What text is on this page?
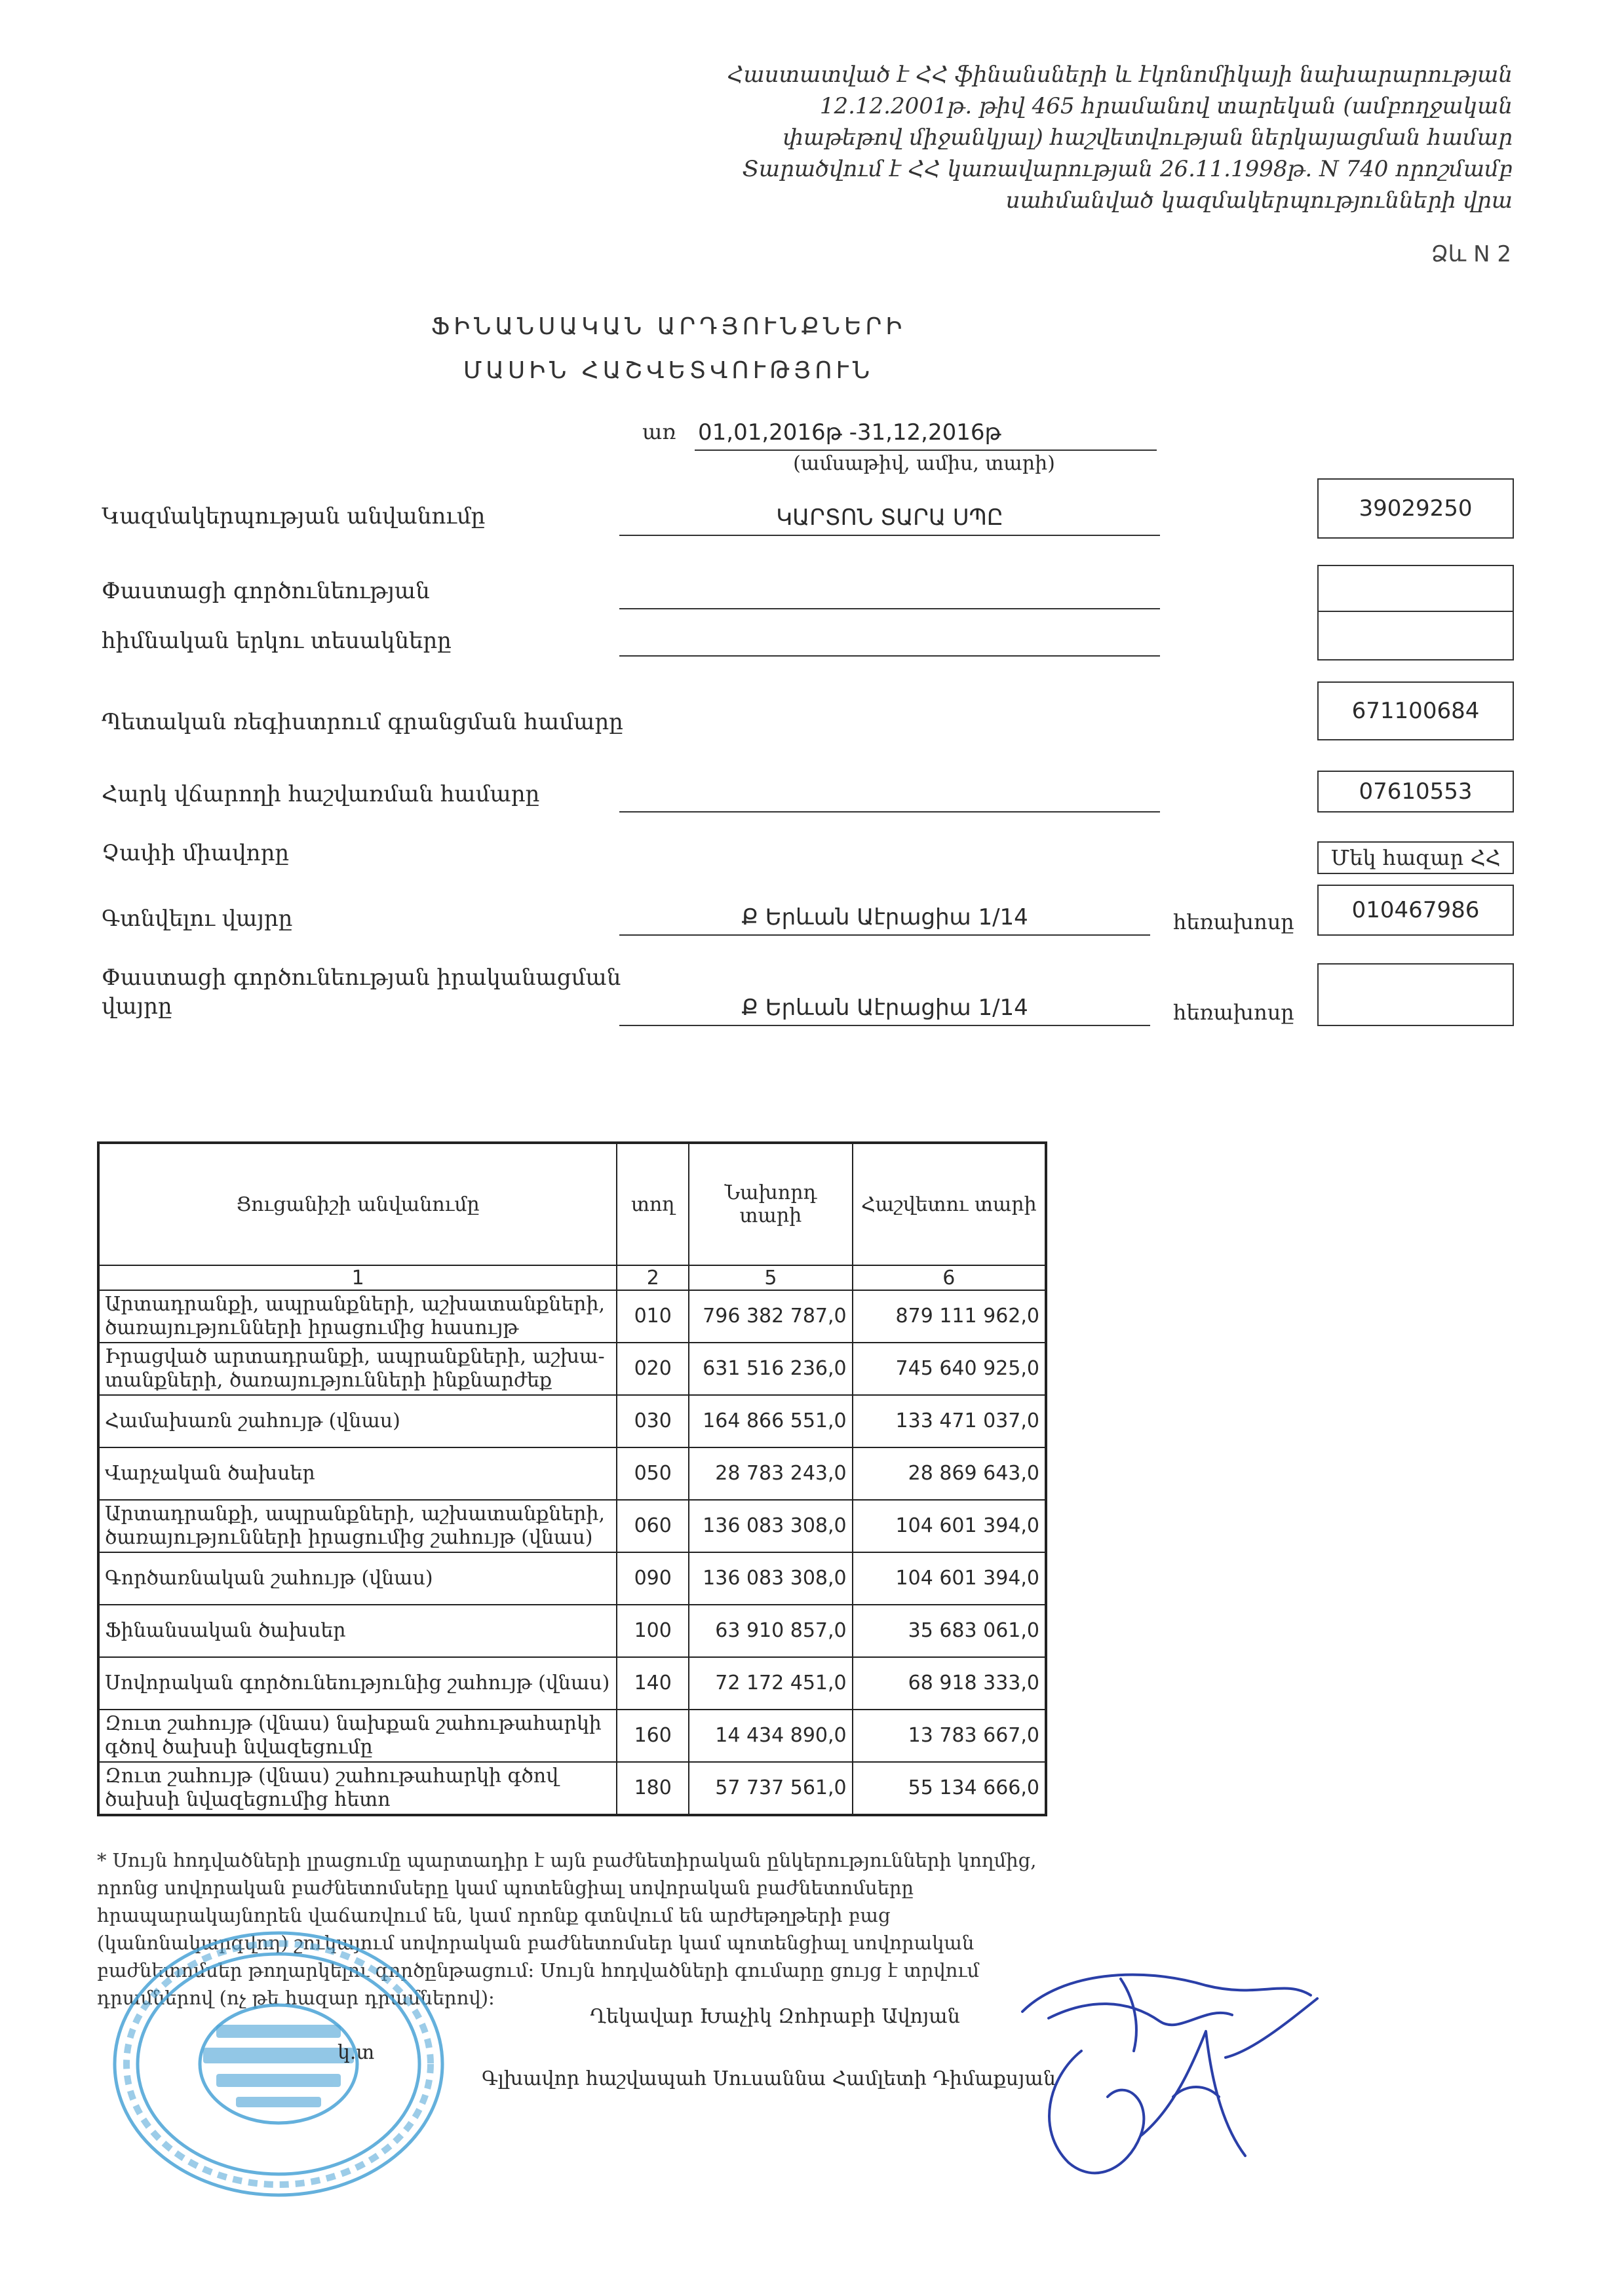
Հաստատված է ՀՀ ֆինանսների և էկոնոմիկայի նախարարության
12.12.2001թ. թիվ 465 հրամանով տարեկան (ամբողջական
փաթեթով միջանկյալ) հաշվետվության ներկայացման համար
Տարածվում է ՀՀ կառավարության 26.11.1998թ. N 740 որոշմամբ
սահմանված կազմակերպությունների վրա
Ձև N 2
ՖԻՆԱՆՍԱԿԱՆ ԱՐԴՅՈՒՆՔՆԵՐԻ
ՄԱՍԻՆ ՀԱՇՎԵՏՎՈՒԹՅՈՒՆ
առ 01,01,2016թ -31,12,2016թ
(ամսաթիվ, ամիս, տարի)
Կազմակերպության անվանումը	ԿԱՐՏՈՆ ՏԱՐԱ ՍՊԸ	39029250
Փաստացի գործունեության
հիմնական երկու տեսակները
Պետական ռեգիստրում գրանցման համարը	671100684
Հարկ վճարողի հաշվառման համարը	07610553
Չափի միավորը	Մեկ հազար ՀՀ
Գտնվելու վայրը	Ք Երևան Աէրացիա 1/14	հեռախոսը	010467986
Փաստացի գործունեության իրականացման
վայրը	Ք Երևան Աէրացիա 1/14	հեռախոսը
Ցուցանիշի անվանումը	տող	Նախորդ տարի	Հաշվետու տարի
1	2	5	6
Արտադրանքի, ապրանքների, աշխատանքների, ծառայությունների իրացումից հասույթ	010	796 382 787,0	879 111 962,0
Իրացված արտադրանքի, ապրանքների, աշխա- տանքների, ծառայությունների ինքնարժեք	020	631 516 236,0	745 640 925,0
Համախառն շահույթ (վնաս)	030	164 866 551,0	133 471 037,0
Վարչական ծախսեր	050	28 783 243,0	28 869 643,0
Արտադրանքի, ապրանքների, աշխատանքների, ծառայությունների իրացումից շահույթ (վնաս)	060	136 083 308,0	104 601 394,0
Գործառնական շահույթ (վնաս)	090	136 083 308,0	104 601 394,0
Ֆինանսական ծախսեր	100	63 910 857,0	35 683 061,0
Սովորական գործունեությունից շահույթ (վնաս)	140	72 172 451,0	68 918 333,0
Զուտ շահույթ (վնաս) նախքան շահութահարկի գծով ծախսի նվազեցումը	160	14 434 890,0	13 783 667,0
Զուտ շահույթ (վնաս) շահութահարկի գծով ծախսի նվազեցումից հետո	180	57 737 561,0	55 134 666,0
* Սույն հոդվածների լրացումը պարտադիր է այն բաժնետիրական ընկերությունների կողմից, որոնց սովորական բաժնետոմսերը կամ պոտենցիալ սովորական բաժնետոմսերը հրապարակայնորեն վաճառվում են, կամ որոնք գտնվում են արժեթղթերի բաց (կանոնակարգվող) շուկայում սովորական բաժնետոմսեր կամ պոտենցիալ սովորական բաժնետոմսեր թողարկելու գործընթացում: Սույն հոդվածների գումարը ցույց է տրվում դրամներով (ոչ թե հազար դրամներով):
Ղեկավար Խաչիկ Զոհրաբի Ավոյան
կ.տ
Գլխավոր հաշվապահ Սուսաննա Համլետի Դիմաքսյան
